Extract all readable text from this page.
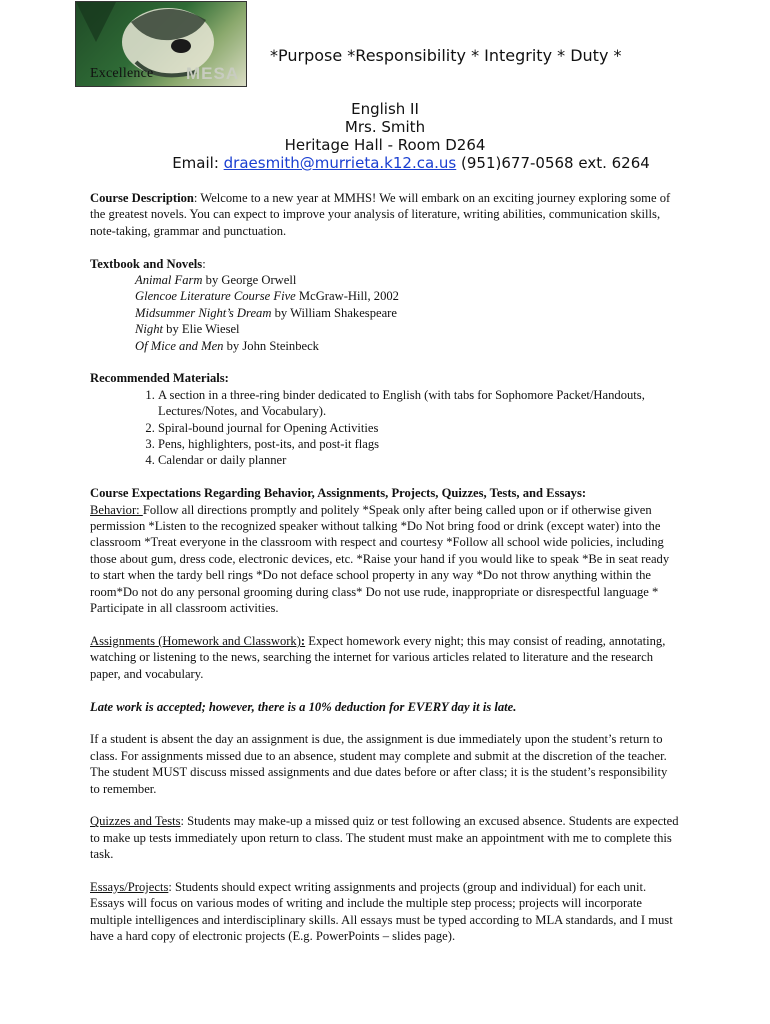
Excellence MESA
*Purpose *Responsibility * Integrity * Duty *
English II
Mrs. Smith
Heritage Hall - Room D264
Email: draesmith@murrieta.k12.ca.us (951)677-0568 ext. 6264

Course Description: Welcome to a new year at MMHS! We will embark on an exciting journey exploring some of the greatest novels. You can expect to improve your analysis of literature, writing abilities, communication skills, note-taking, grammar and punctuation.

Textbook and Novels:
Animal Farm by George Orwell
Glencoe Literature Course Five McGraw-Hill, 2002
Midsummer Night’s Dream by William Shakespeare
Night by Elie Wiesel
Of Mice and Men by John Steinbeck
Recommended Materials:
1. A section in a three-ring binder dedicated to English (with tabs for Sophomore Packet/Handouts, Lectures/Notes, and Vocabulary).
2. Spiral-bound journal for Opening Activities
3. Pens, highlighters, post-its, and post-it flags
4. Calendar or daily planner
Course Expectations Regarding Behavior, Assignments, Projects, Quizzes, Tests, and Essays:

Behavior: Follow all directions promptly and politely *Speak only after being called upon or if otherwise given permission *Listen to the recognized speaker without talking *Do Not bring food or drink (except water) into the classroom *Treat everyone in the classroom with respect and courtesy *Follow all school wide policies, including those about gum, dress code, electronic devices, etc. *Raise your hand if you would like to speak *Be in seat ready to start when the tardy bell rings *Do not deface school property in any way *Do not throw anything within the room*Do not do any personal grooming during class* Do not use rude, inappropriate or disrespectful language * Participate in all classroom activities.

Assignments (Homework and Classwork): Expect homework every night; this may consist of reading, annotating, watching or listening to the news, searching the internet for various articles related to literature and the research paper, and vocabulary.

Late work is accepted; however, there is a 10% deduction for EVERY day it is late.

If a student is absent the day an assignment is due, the assignment is due immediately upon the student’s return to class. For assignments missed due to an absence, student may complete and submit at the discretion of the teacher. The student MUST discuss missed assignments and due dates before or after class; it is the student’s responsibility to remember.

Quizzes and Tests: Students may make-up a missed quiz or test following an excused absence. Students are expected to make up tests immediately upon return to class. The student must make an appointment with me to complete this task.

Essays/Projects: Students should expect writing assignments and projects (group and individual) for each unit. Essays will focus on various modes of writing and include the multiple step process; projects will incorporate multiple intelligences and interdisciplinary skills. All essays must be typed according to MLA standards, and I must have a hard copy of electronic projects (E.g. PowerPoints – slides page).
